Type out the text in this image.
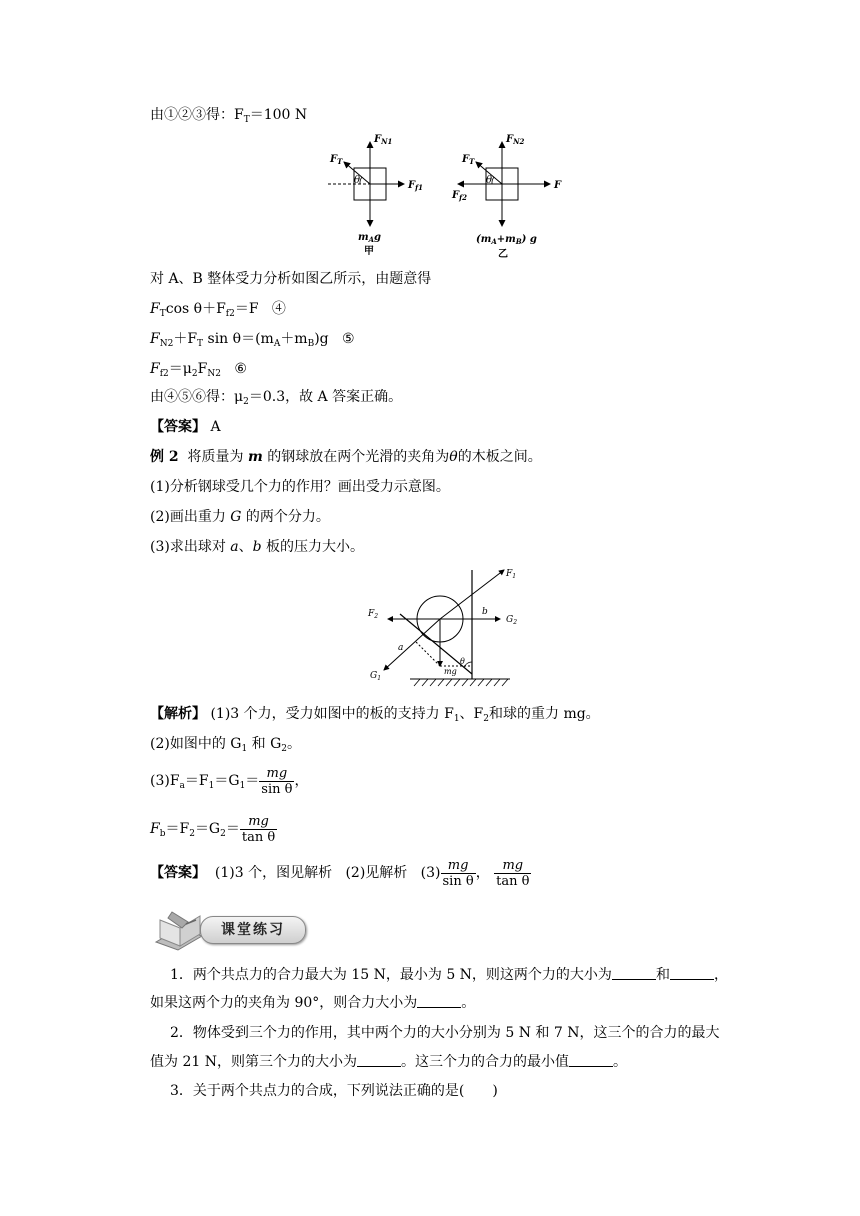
由①②③得：$F_T=100$ N
$F_{N1}$
$F_T$
θ	$F_{f1}$
$m_Ag$
甲
$F_{N2}$
$F_T$
θ
$F_{f2}$
F
$(m_A+m_B)$ g
乙
对 A、B 整体受力分析如图乙所示，由题意得
$F_T\cos$ $\theta+F_{f2}=F$ ④
$F_{N2}+F_T$ $\sin \theta=(m_A+m_B)g$ ⑤
$F_{f2}=\mu_2F_{N2}$ ⑥
由④⑤⑥得：$\mu_2=0.3$，故 A 答案正确。
【答案】 A
例 2 将质量为 m 的钢球放在两个光滑的夹角为θ的木板之间。
(1)分析钢球受几个力的作用？画出受力示意图。
(2)画出重力 G 的两个分力。
(3)求出球对 a、b 板的压力大小。
$F_1$
$F_2$	b
$G_2$
a
$G_1$
mg
θ
【解析】 (1)3 个力，受力如图中的板的支持力 $F_1$、$F_2$和球的重力 mg。
(2)如图中的 $G_1$ 和 $G_2$。
$(3)F_a=F_1=G_1= \frac{mg}{\text{sin θ}}$ ，
$F_b=F_2=G_2= \frac{mg}{\text{tan θ}}$
【答案】 (1)3 个，图见解析 (2)见解析 $(3) \frac{mg}{\text{sin θ}}$ ， $\frac{mg}{\text{tan θ}}$
课堂练习
1．两个共点力的合力最大为 15 N，最小为 5 N，则这两个力的大小为	和	，
如果这两个力的夹角为 90°，则合力大小为	。
2．物体受到三个力的作用，其中两个力的大小分别为 5 N 和 7 N，这三个的合力的最大
值为 21 N，则第三个力的大小为	。这三个力的合力的最小值	。
3．关于两个共点力的合成，下列说法正确的是(　　)
